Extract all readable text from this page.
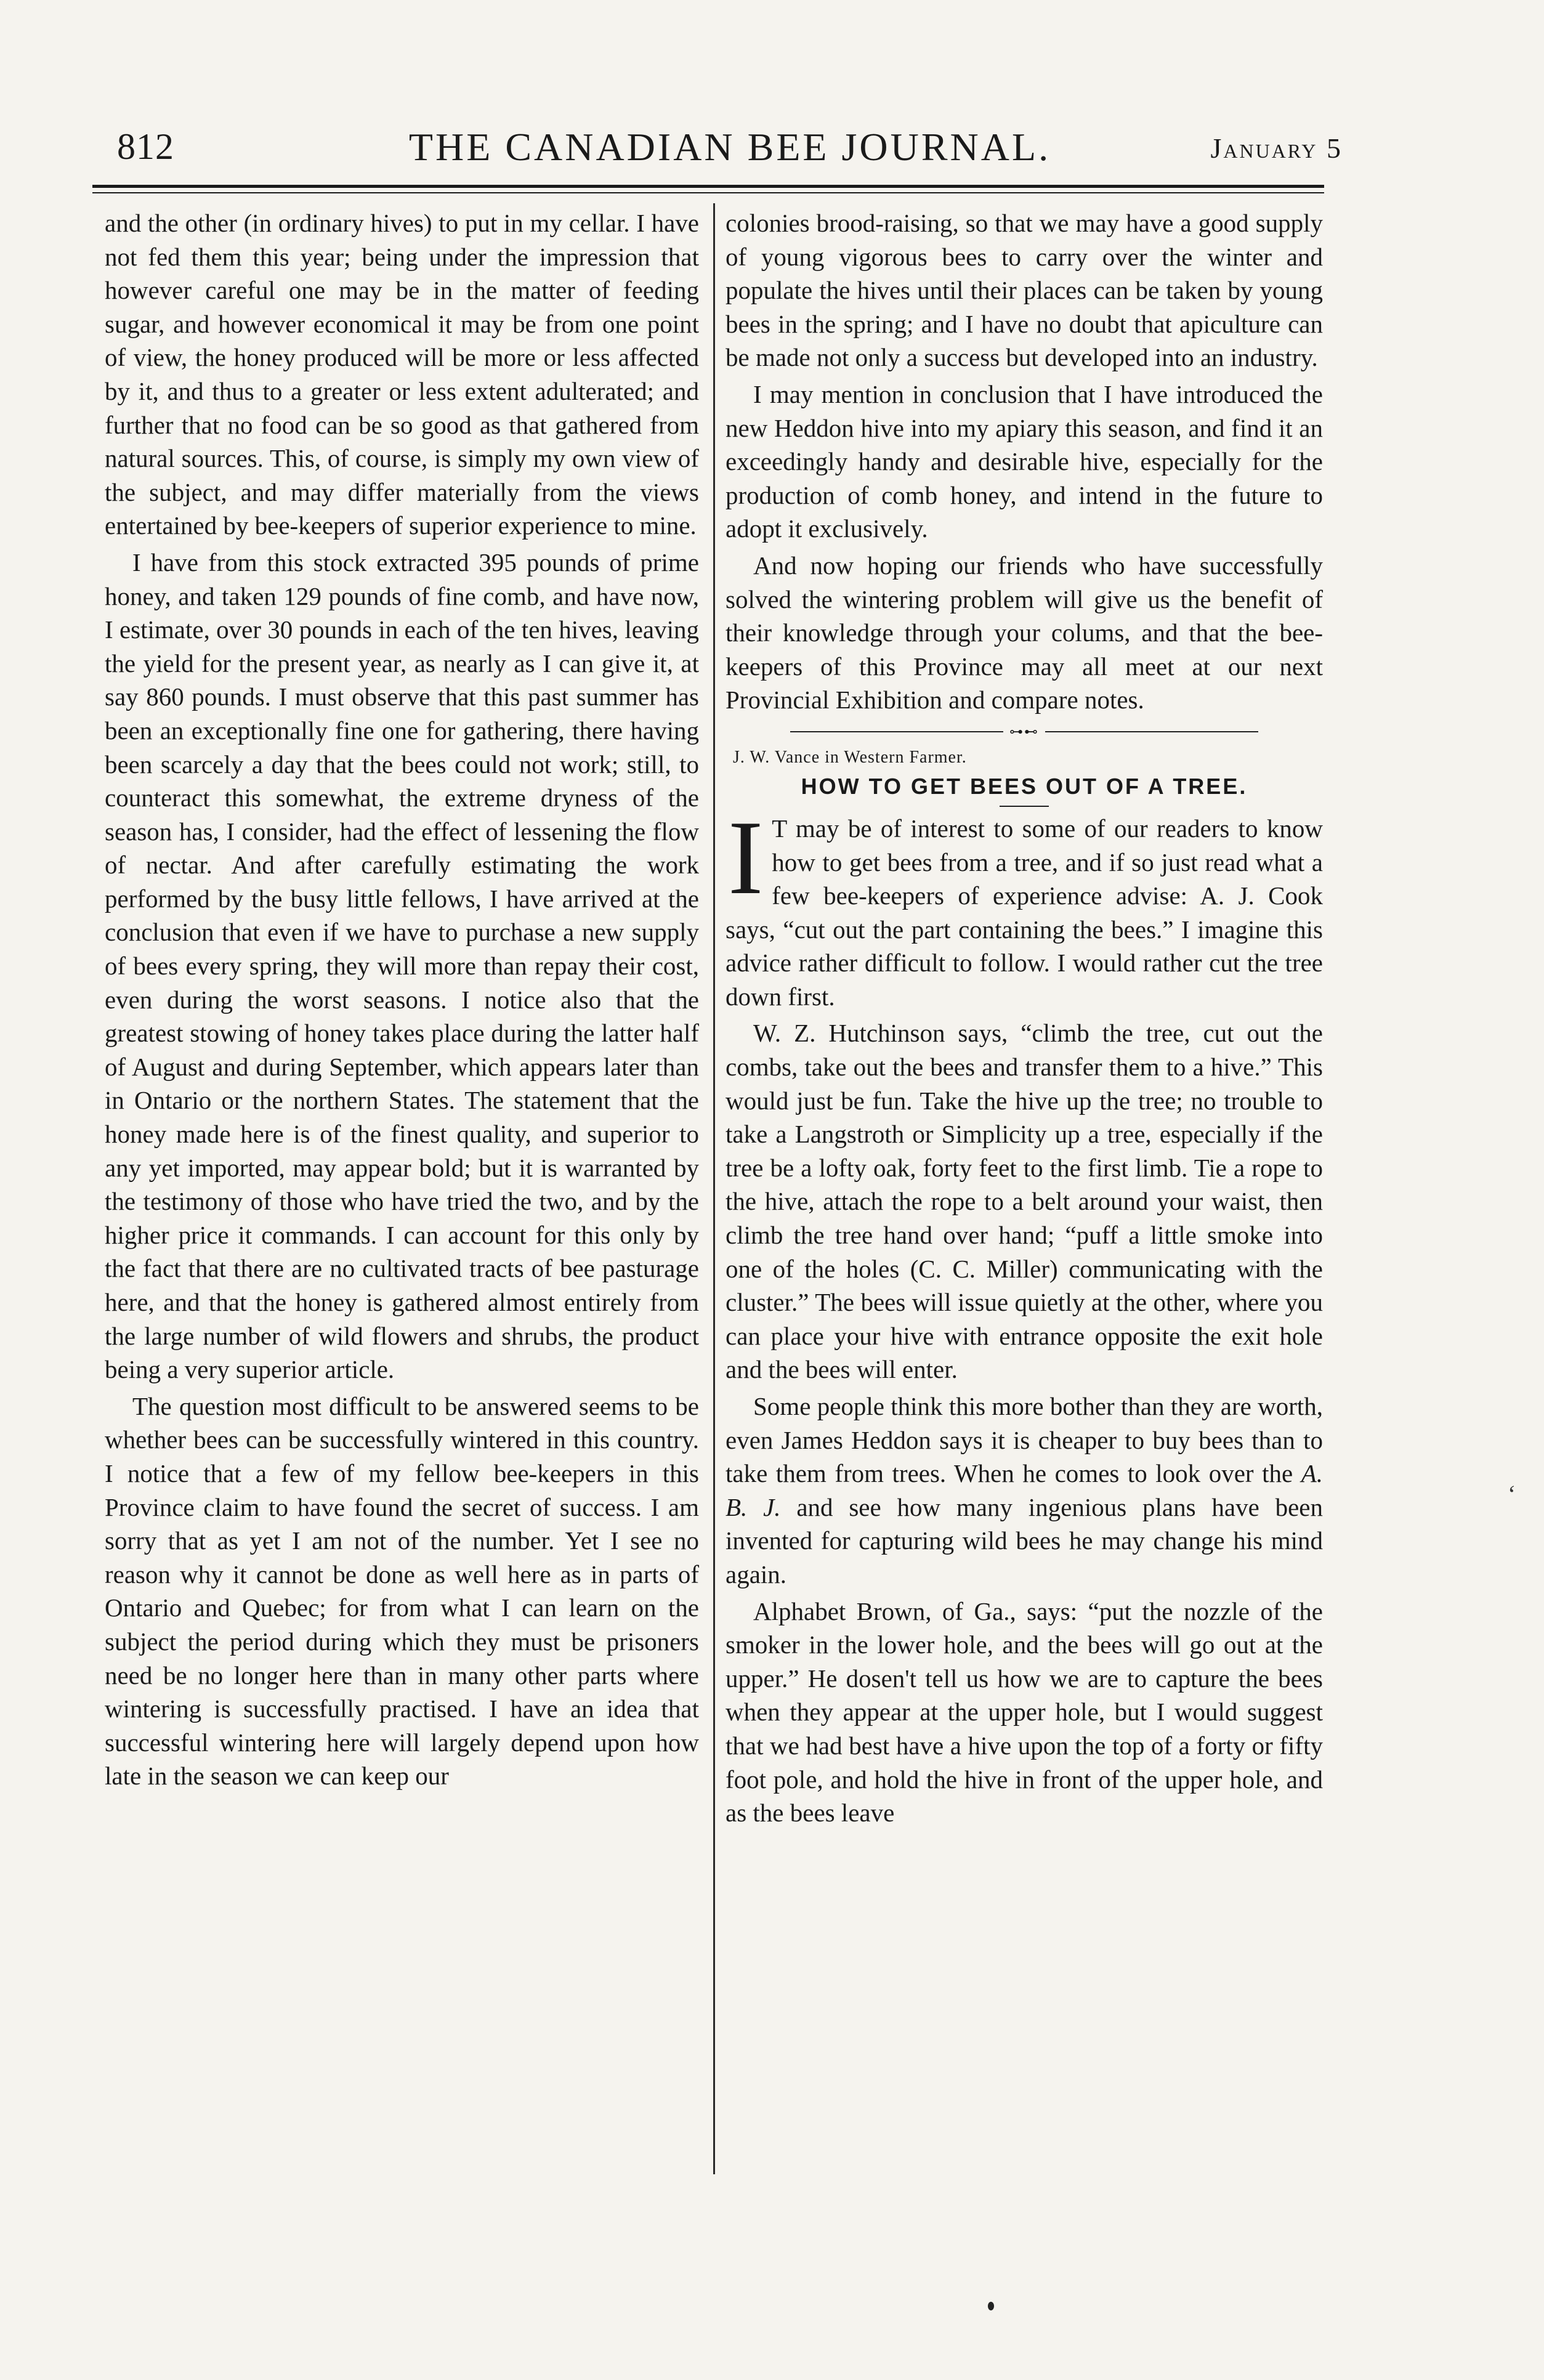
812	THE CANADIAN BEE JOURNAL.	January 5

and the other (in ordinary hives) to put in my cellar. I have not fed them this year; being under the impression that however careful one may be in the matter of feeding sugar, and however economical it may be from one point of view, the honey produced will be more or less affected by it, and thus to a greater or less extent adulterated; and further that no food can be so good as that gathered from natural sources. This, of course, is simply my own view of the subject, and may differ materially from the views entertained by bee-keepers of superior experience to mine.

I have from this stock extracted 395 pounds of prime honey, and taken 129 pounds of fine comb, and have now, I estimate, over 30 pounds in each of the ten hives, leaving the yield for the present year, as nearly as I can give it, at say 860 pounds. I must observe that this past summer has been an exceptionally fine one for gathering, there having been scarcely a day that the bees could not work; still, to counteract this somewhat, the extreme dryness of the season has, I consider, had the effect of lessening the flow of nectar. And after carefully estimating the work performed by the busy little fellows, I have arrived at the conclusion that even if we have to purchase a new supply of bees every spring, they will more than repay their cost, even during the worst seasons. I notice also that the greatest stowing of honey takes place during the latter half of August and during September, which appears later than in Ontario or the northern States. The statement that the honey made here is of the finest quality, and superior to any yet imported, may appear bold; but it is warranted by the testimony of those who have tried the two, and by the higher price it commands. I can account for this only by the fact that there are no cultivated tracts of bee pasturage here, and that the honey is gathered almost entirely from the large number of wild flowers and shrubs, the product being a very superior article.

The question most difficult to be answered seems to be whether bees can be successfully wintered in this country. I notice that a few of my fellow bee-keepers in this Province claim to have found the secret of success. I am sorry that as yet I am not of the number. Yet I see no reason why it cannot be done as well here as in parts of Ontario and Quebec; for from what I can learn on the subject the period during which they must be prisoners need be no longer here than in many other parts where wintering is successfully practised. I have an idea that successful wintering here will largely depend upon how late in the season we can keep our

colonies brood-raising, so that we may have a good supply of young vigorous bees to carry over the winter and populate the hives until their places can be taken by young bees in the spring; and I have no doubt that apiculture can be made not only a success but developed into an industry.

I may mention in conclusion that I have introduced the new Heddon hive into my apiary this season, and find it an exceedingly handy and desirable hive, especially for the production of comb honey, and intend in the future to adopt it exclusively.

And now hoping our friends who have successfully solved the wintering problem will give us the benefit of their knowledge through your colums, and that the bee-keepers of this Province may all meet at our next Provincial Exhibition and compare notes.

⊶⊷
J. W. Vance in Western Farmer.
HOW TO GET BEES OUT OF A TREE.

I T may be of interest to some of our readers to know how to get bees from a tree, and if so just read what a few bee-keepers of experience advise: A. J. Cook says, “cut out the part containing the bees.” I imagine this advice rather difficult to follow. I would rather cut the tree down first.

W. Z. Hutchinson says, “climb the tree, cut out the combs, take out the bees and transfer them to a hive.” This would just be fun. Take the hive up the tree; no trouble to take a Langstroth or Simplicity up a tree, especially if the tree be a lofty oak, forty feet to the first limb. Tie a rope to the hive, attach the rope to a belt around your waist, then climb the tree hand over hand; “puff a little smoke into one of the holes (C. C. Miller) communicating with the cluster.” The bees will issue quietly at the other, where you can place your hive with entrance opposite the exit hole and the bees will enter.

Some people think this more bother than they are worth, even James Heddon says it is cheaper to buy bees than to take them from trees. When he comes to look over the A. B. J. and see how many ingenious plans have been invented for capturing wild bees he may change his mind again.

Alphabet Brown, of Ga., says: “put the nozzle of the smoker in the lower hole, and the bees will go out at the upper.” He dosen't tell us how we are to capture the bees when they appear at the upper hole, but I would suggest that we had best have a hive upon the top of a forty or fifty foot pole, and hold the hive in front of the upper hole, and as the bees leave

‘
